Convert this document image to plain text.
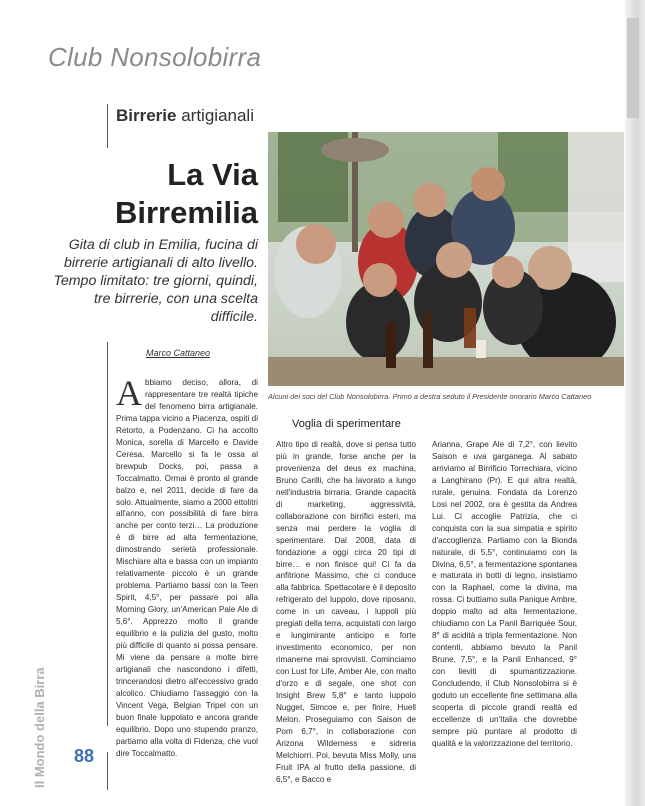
Club Nonsolobirra
Birrerie artigianali
La Via
Birremilia

Gita di club in Emilia, fucina di birrerie artigianali di alto livello. Tempo limitato: tre giorni, quindi, tre birrerie, con una scelta difficile.

Marco Cattaneo

Abbiamo deciso, allora, di rappresentare tre realtà tipiche del fenomeno birra artigianale. Prima tappa vicino a Piacenza, ospiti di Retorto, a Podenzano. Ci ha accolto Monica, sorella di Marcello e Davide Ceresa. Marcello si fa le ossa al brewpub Docks, poi, passa a Toccalmatto. Ormai è pronto al grande balzo e, nel 2011, decide di fare da solo. Attualmente, siamo a 2000 ettolitri all'anno, con possibilità di fare birra anche per conto terzi… La produzione è di birre ad alta fermentazione, dimostrando serietà professionale. Mischiare alta e bassa con un impianto relativamente piccolo è un grande problema. Partiamo bassi con la Teen Spirit, 4,5°, per passare poi alla Morning Glory, un'American Pale Ale di 5,6°. Apprezzo molto il grande equilibrio e la pulizia del gusto, molto più difficile di quanto si possa pensare. Mi viene da pensare a molte birre artigianali che nascondono i difetti, trincerandosi dietro all'eccessivo grado alcolico. Chiudiamo l'assaggio con la Vincent Vega, Belgian Tripel con un buon finale luppolato e ancora grande equilibrio. Dopo uno stupendo pranzo, partiamo alla volta di Fidenza, che vuol dire Toccalmatto.

Alcuni dei soci del Club Nonsolobirra. Primo a destra seduto il Presidente onorario Marco Cattaneo
Voglia di sperimentare

Altro tipo di realtà, dove si pensa tutto più in grande, forse anche per la provenienza del deus ex machina, Bruno Carilli, che ha lavorato a lungo nell'industria birraria. Grande capacità di marketing, aggressività, collaborazione con birrifici esteri, ma senza mai perdere la voglia di sperimentare. Dal 2008, data di fondazione a oggi circa 20 tipi di birre… e non finisce qui! Ci fa da anfitrione Massimo, che ci conduce alla fabbrica. Spettacolare è il deposito refrigerato del luppolo, dove riposano, come in un caveau, i luppoli più pregiati della terra, acquistati con largo e lungimirante anticipo e forte investimento economico, per non rimanerne mai sprovvisti. Cominciamo con Lust for Life, Amber Ale, con malto d'orzo e di segale, one shot con Insight Brew 5,8° e tanto luppolo Nugget, Simcoe e, per finire, Huell Melon. Proseguiamo con Saison de Pom 6,7°, in collaborazione con Arizona Wilderness e sidreria Melchiorri. Poi, bevuta Miss Molly, una Fruit IPA al frutto della passione, di 6,5°, e Bacco e

Arianna, Grape Ale di 7,2°, con lievito Saison e uva garganega. Al sabato arriviamo al Birrificio Torrechiara, vicino a Langhirano (Pr). E qui altra realtà, rurale, genuina. Fondata da Lorenzo Losi nel 2002, ora è gestita da Andrea Lui. Ci accoglie Patrizia, che ci conquista con la sua simpatia e spirito d'accoglienza. Partiamo con la Bionda naturale, di 5,5°, continuiamo con la Divina, 6,5°, a fermentazione spontanea e maturata in botti di legno, insistiamo con la Raphael, come la divina, ma rossa. Ci buttiamo sulla Panique Ambre, doppio malto ad alta fermentazione, chiudiamo con La Panil Barriquée Sour, 8° di acidità a tripla fermentazione. Non contenti, abbiamo bevuto la Panil Brune, 7,5°, e la Panil Enhanced, 9° con lieviti di spumantizzazione. Concludendo, il Club Nonsolobirra si è goduto un eccellente fine settimana alla scoperta di piccole grandi realtà ed eccellenze di un'Italia che dovrebbe sempre più puntare al prodotto di qualità e la valorizzazione del territorio.

Il Mondo della Birra 88
